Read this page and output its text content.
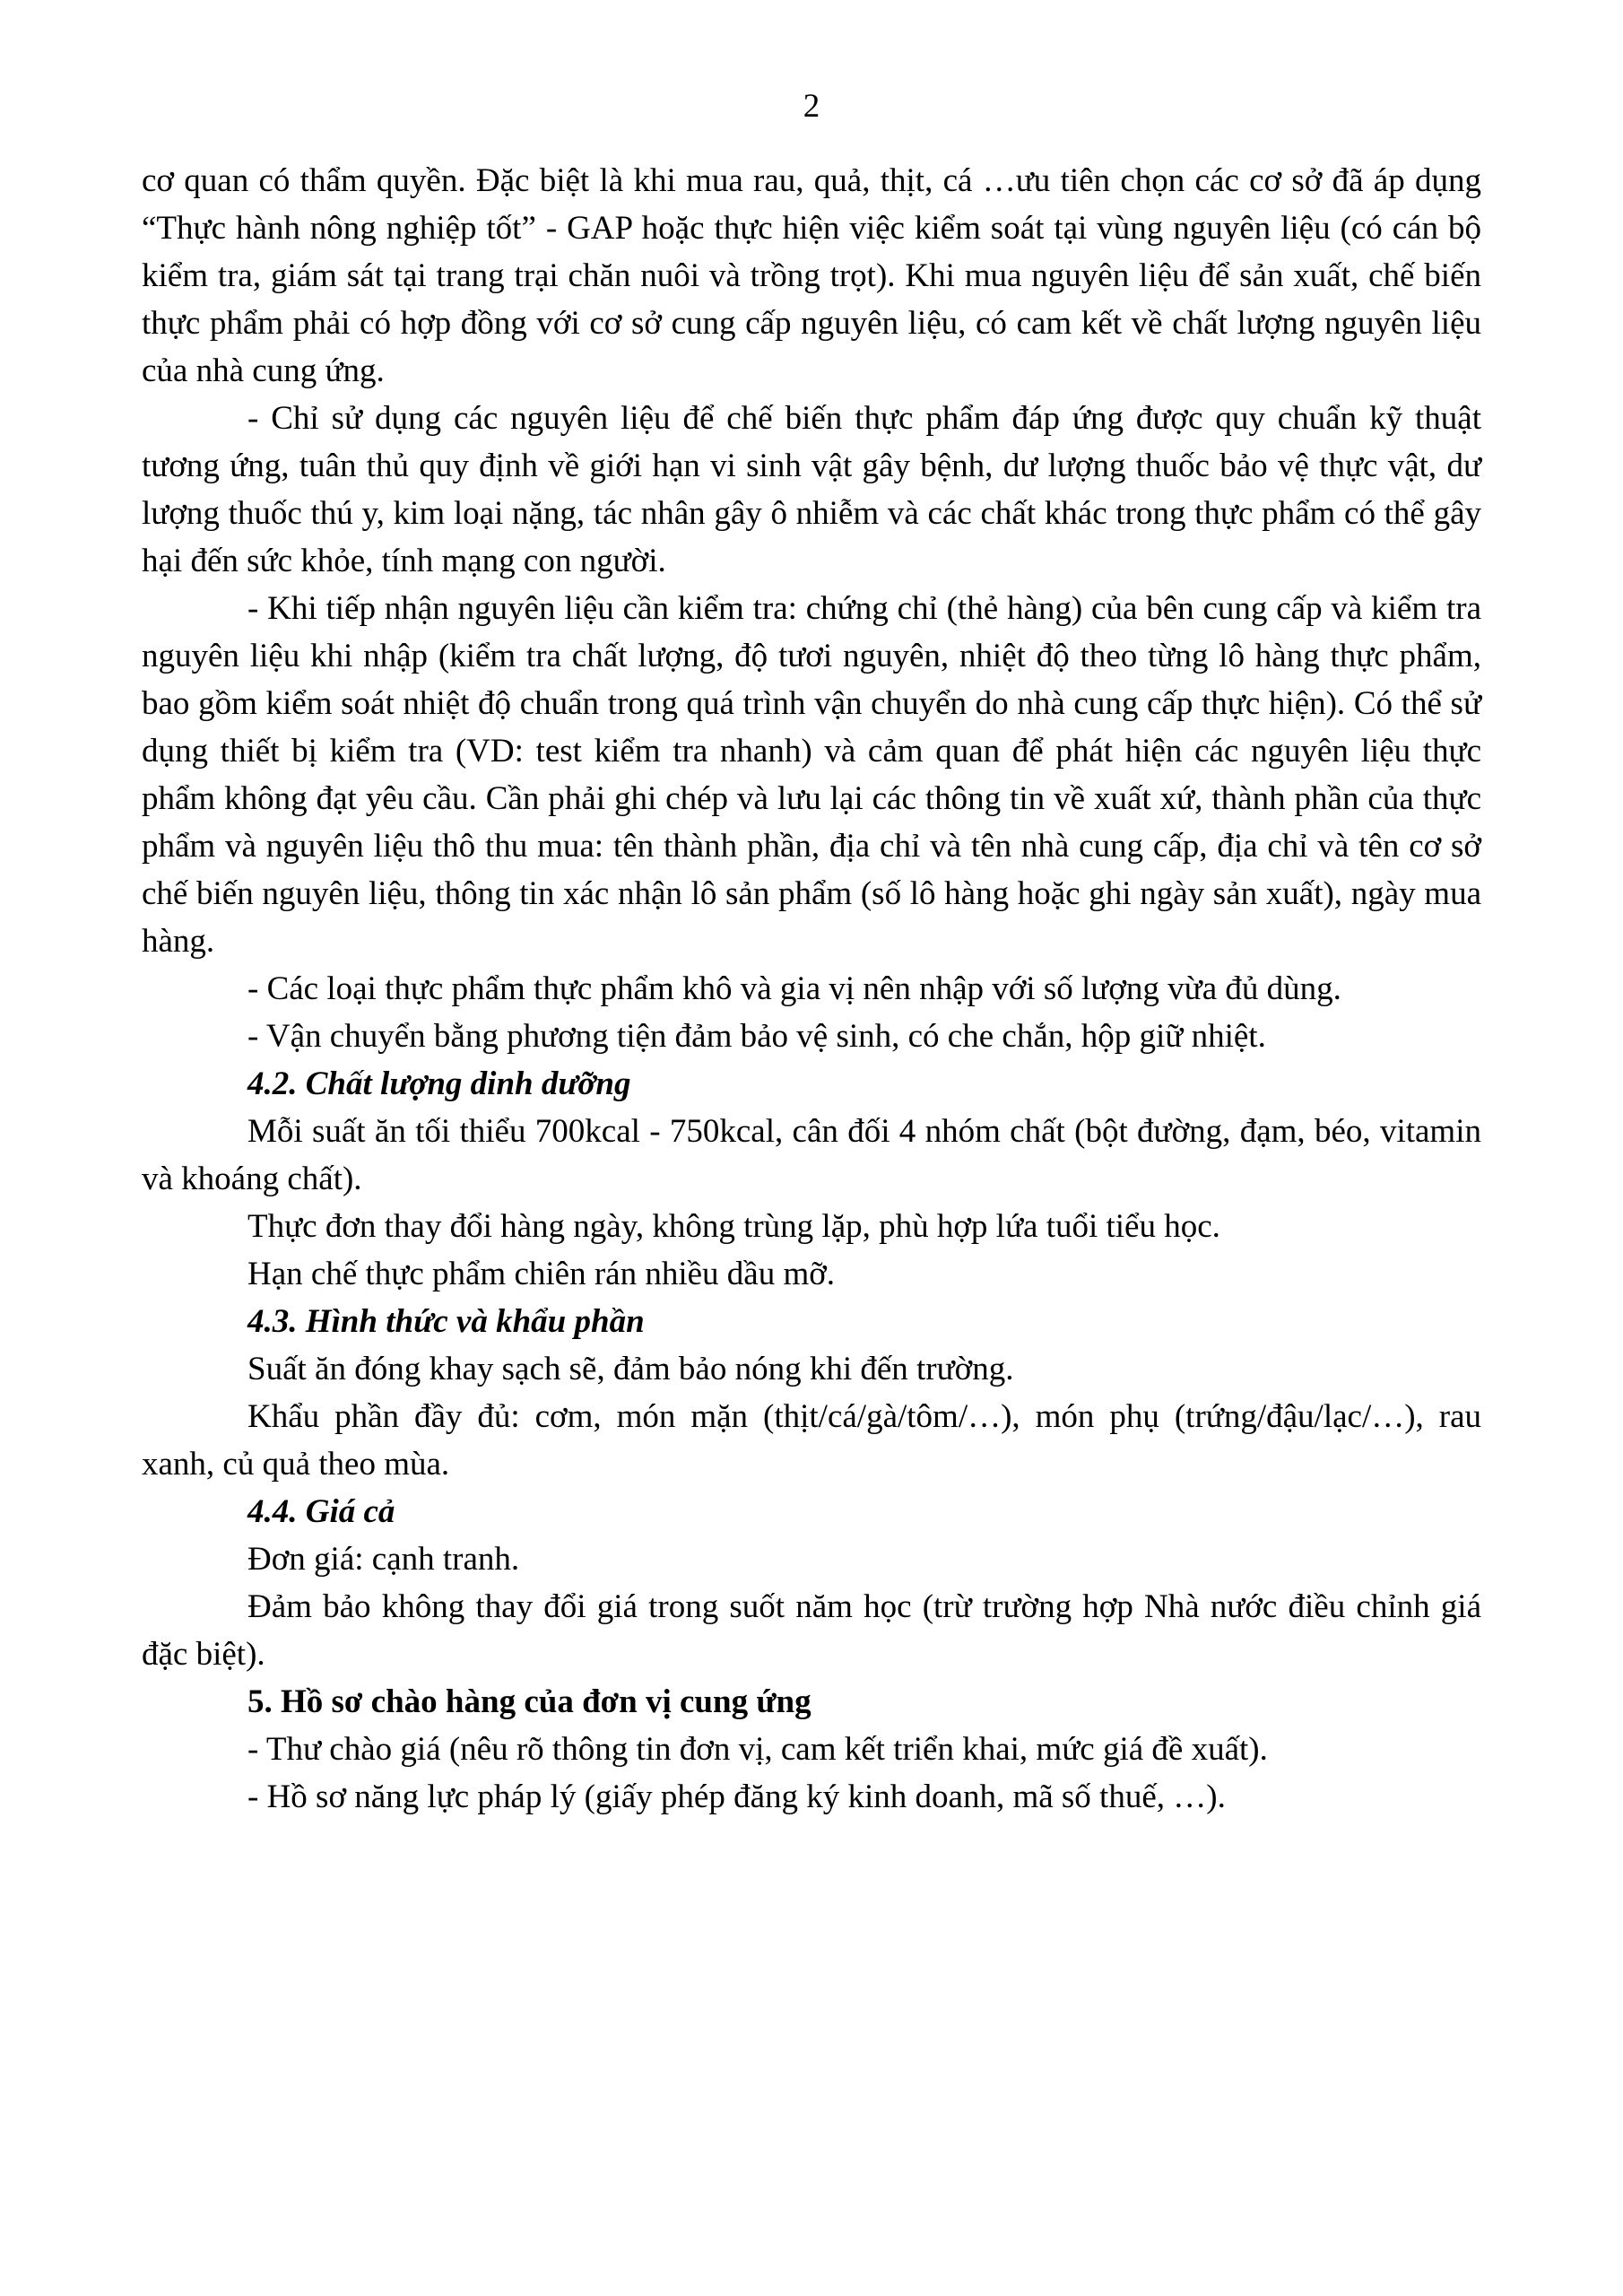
2

cơ quan có thẩm quyền. Đặc biệt là khi mua rau, quả, thịt, cá …ưu tiên chọn các cơ sở đã áp dụng “Thực hành nông nghiệp tốt” - GAP hoặc thực hiện việc kiểm soát tại vùng nguyên liệu (có cán bộ kiểm tra, giám sát tại trang trại chăn nuôi và trồng trọt). Khi mua nguyên liệu để sản xuất, chế biến thực phẩm phải có hợp đồng với cơ sở cung cấp nguyên liệu, có cam kết về chất lượng nguyên liệu của nhà cung ứng.

- Chỉ sử dụng các nguyên liệu để chế biến thực phẩm đáp ứng được quy chuẩn kỹ thuật tương ứng, tuân thủ quy định về giới hạn vi sinh vật gây bệnh, dư lượng thuốc bảo vệ thực vật, dư lượng thuốc thú y, kim loại nặng, tác nhân gây ô nhiễm và các chất khác trong thực phẩm có thể gây hại đến sức khỏe, tính mạng con người.

- Khi tiếp nhận nguyên liệu cần kiểm tra: chứng chỉ (thẻ hàng) của bên cung cấp và kiểm tra nguyên liệu khi nhập (kiểm tra chất lượng, độ tươi nguyên, nhiệt độ theo từng lô hàng thực phẩm, bao gồm kiểm soát nhiệt độ chuẩn trong quá trình vận chuyển do nhà cung cấp thực hiện). Có thể sử dụng thiết bị kiểm tra (VD: test kiểm tra nhanh) và cảm quan để phát hiện các nguyên liệu thực phẩm không đạt yêu cầu. Cần phải ghi chép và lưu lại các thông tin về xuất xứ, thành phần của thực phẩm và nguyên liệu thô thu mua: tên thành phần, địa chỉ và tên nhà cung cấp, địa chỉ và tên cơ sở chế biến nguyên liệu, thông tin xác nhận lô sản phẩm (số lô hàng hoặc ghi ngày sản xuất), ngày mua hàng.

- Các loại thực phẩm thực phẩm khô và gia vị nên nhập với số lượng vừa đủ dùng.

- Vận chuyển bằng phương tiện đảm bảo vệ sinh, có che chắn, hộp giữ nhiệt.

4.2. Chất lượng dinh dưỡng

Mỗi suất ăn tối thiểu 700kcal - 750kcal, cân đối 4 nhóm chất (bột đường, đạm, béo, vitamin và khoáng chất).

Thực đơn thay đổi hàng ngày, không trùng lặp, phù hợp lứa tuổi tiểu học.

Hạn chế thực phẩm chiên rán nhiều dầu mỡ.

4.3. Hình thức và khẩu phần

Suất ăn đóng khay sạch sẽ, đảm bảo nóng khi đến trường.

Khẩu phần đầy đủ: cơm, món mặn (thịt/cá/gà/tôm/…), món phụ (trứng/đậu/lạc/…), rau xanh, củ quả theo mùa.

4.4. Giá cả

Đơn giá: cạnh tranh.

Đảm bảo không thay đổi giá trong suốt năm học (trừ trường hợp Nhà nước điều chỉnh giá đặc biệt).

5. Hồ sơ chào hàng của đơn vị cung ứng

- Thư chào giá (nêu rõ thông tin đơn vị, cam kết triển khai, mức giá đề xuất).

- Hồ sơ năng lực pháp lý (giấy phép đăng ký kinh doanh, mã số thuế, …).
